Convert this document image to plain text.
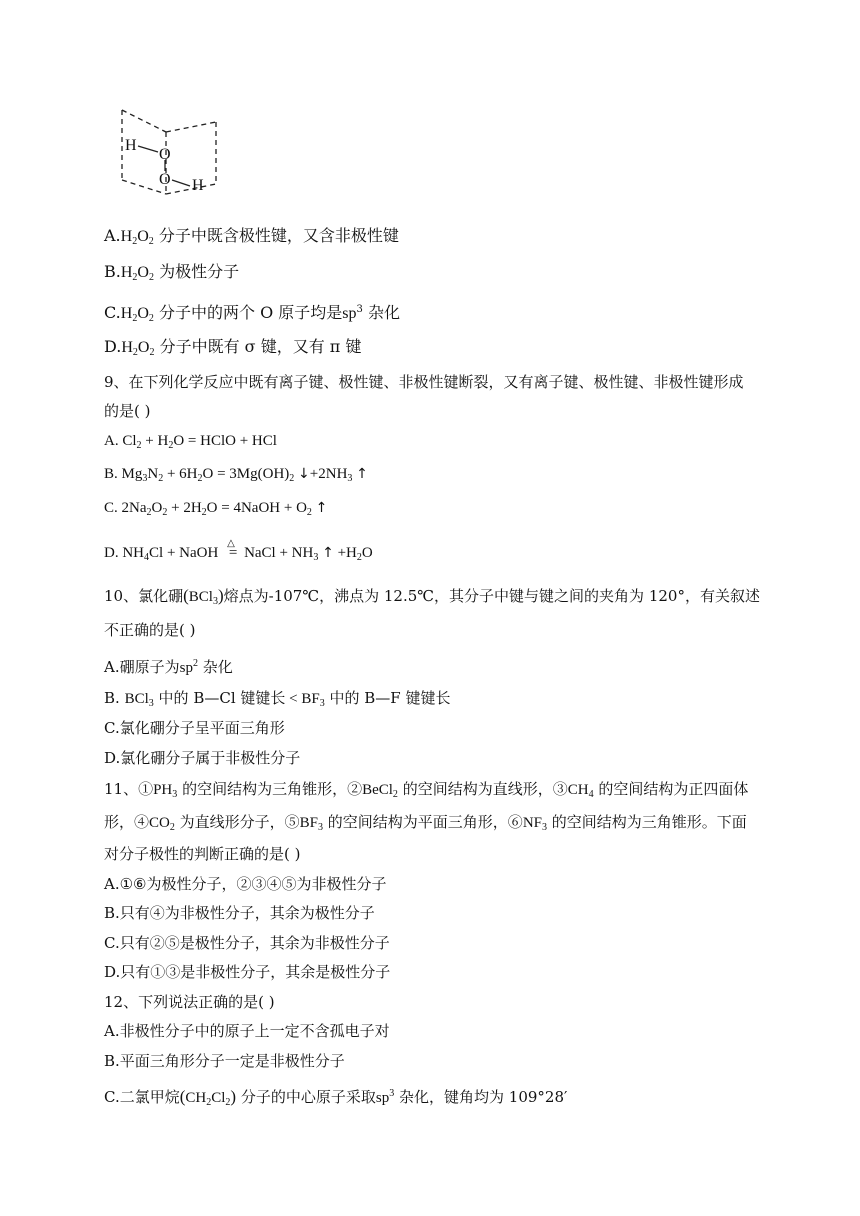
H
O
O H
$A.H_2O_2$ 分子中既含极性键，又含非极性键
$B.H_2O_2$ 为极性分子
$C.H_2O_2$ 分子中的两个 O 原子均是$sp^3$ 杂化
$D.H_2O_2$ 分子中既有 σ 键，又有 π 键
9、在下列化学反应中既有离子键、极性键、非极性键断裂，又有离子键、极性键、非极性键形成
的是( )
A. $Cl_2 + H_2O$ = HClO + HCl
B. $Mg_3N_2 + 6H_2O = 3Mg(OH)_2$ $↓+2NH_3$ ↑
C. $2Na_2O_2 + 2H_2O$ = 4NaOH + $O_2$ ↑
D. $NH_4Cl$ + NaOH
△
= NaCl + $NH_3$ ↑ $+H_2O$
10、氯化硼(BCl$_3$)熔点为-107℃，沸点为 12.5℃，其分子中键与键之间的夹角为 120°，有关叙述
不正确的是( )
A.硼原子为$sp^2$ 杂化
B. BCl$_3$ 中的 B—Cl 键键长 < $BF_3$ 中的 B—F 键键长
C.氯化硼分子呈平面三角形
D.氯化硼分子属于非极性分子
11、$①PH_3$ 的空间结构为三角锥形，②BeCl$_2$ 的空间结构为直线形，$③CH_4$ 的空间结构为正四面体
形，$④CO_2$ 为直线形分子，$⑤BF_3$ 的空间结构为平面三角形，$⑥NF_3$ 的空间结构为三角锥形。下面
对分子极性的判断正确的是( )
A.①⑥为极性分子，②③④⑤为非极性分子
B.只有④为非极性分子，其余为极性分子
C.只有②⑤是极性分子，其余为非极性分子
D.只有①③是非极性分子，其余是极性分子
12、下列说法正确的是( )
A.非极性分子中的原子上一定不含孤电子对
B.平面三角形分子一定是非极性分子
C.二氯甲烷$(CH_2Cl_2)$ 分子的中心原子采取$sp^3$ 杂化，键角均为 109°28′
